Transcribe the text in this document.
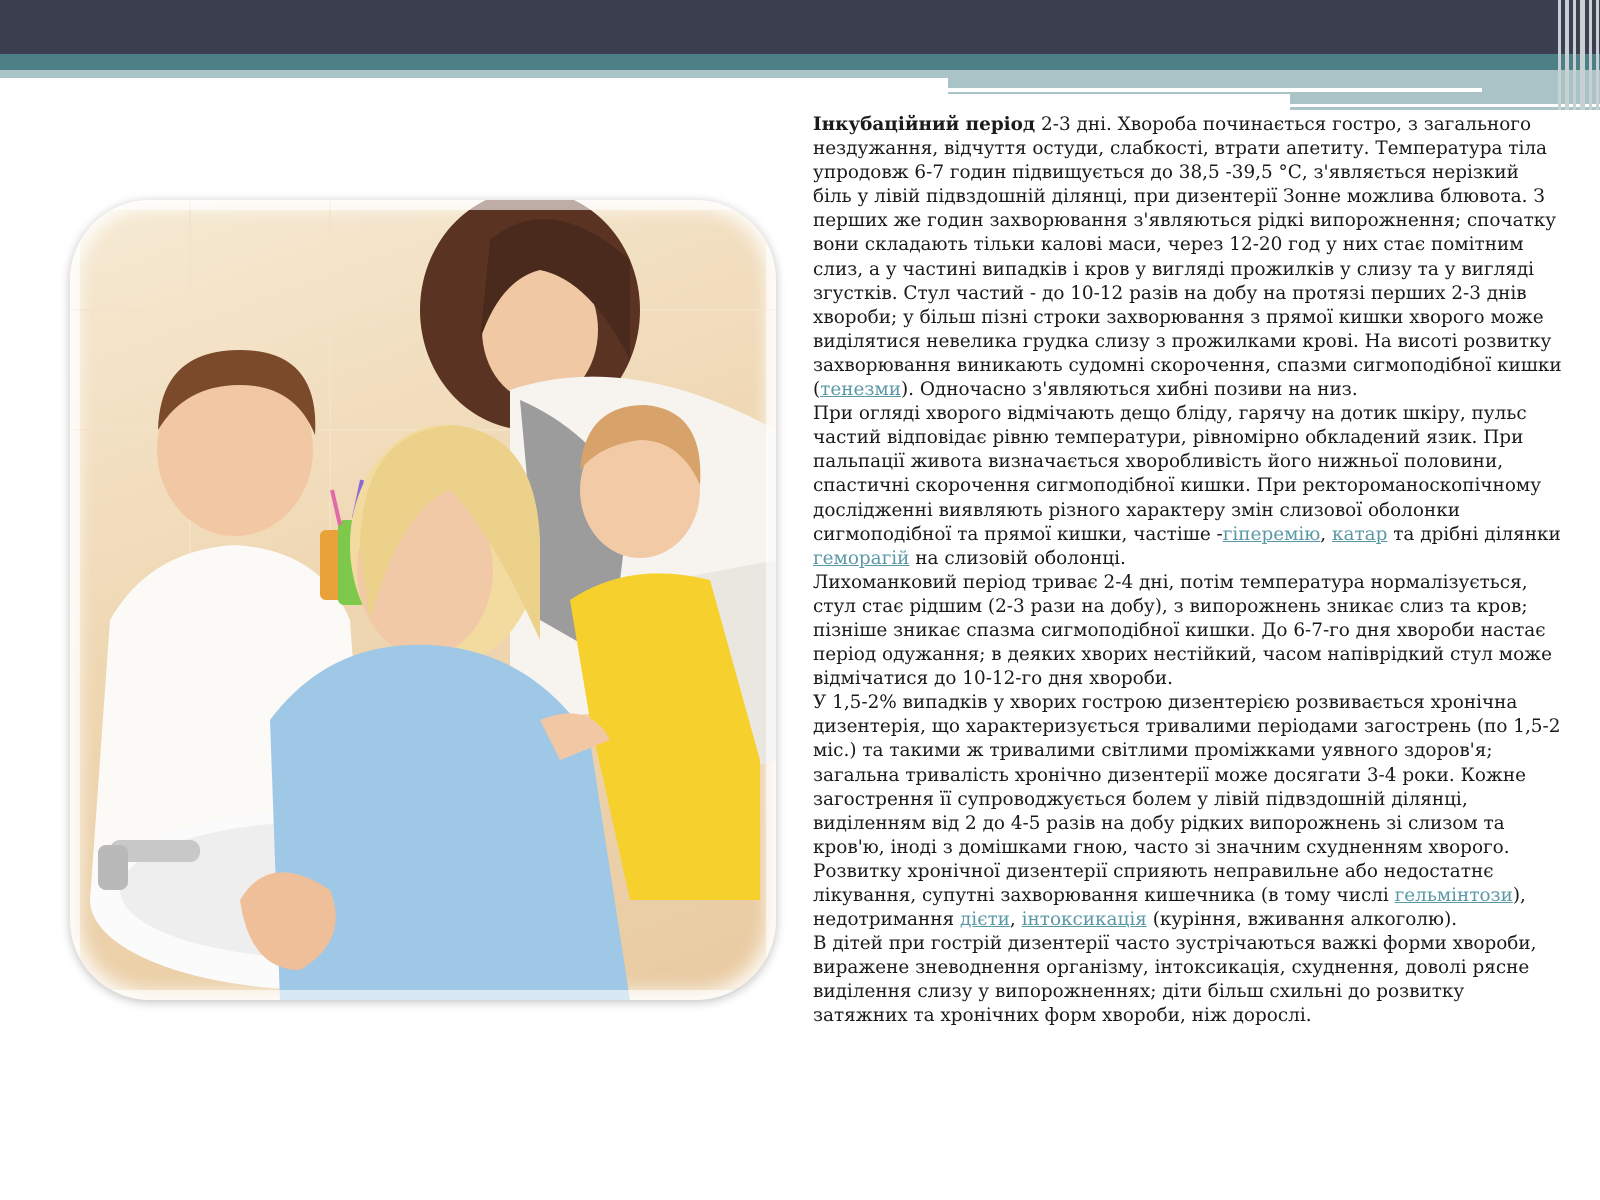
Інкубаційний період 2-3 дні. Хвороба починається гостро, з загального нездужання, відчуття остуди, слабкості, втрати апетиту. Температура тіла упродовж 6-7 годин підвищується до 38,5 -39,5 °С, з'являється нерізкий біль у лівій підвздошній ділянці, при дизентерії Зонне можлива блювота. З перших же годин захворювання з'являються рідкі випорожнення; спочатку вони складають тільки калові маси, через 12-20 год у них стає помітним слиз, а у частині випадків і кров у вигляді прожилків у слизу та у вигляді згустків. Стул частий - до 10-12 разів на добу на протязі перших 2-3 днів хвороби; у більш пізні строки захворювання з прямої кишки хворого може виділятися невелика грудка слизу з прожилками крові. На висоті розвитку захворювання виникають судомні скорочення, спазми сигмоподібної кишки (тенезми). Одночасно з'являються хибні позиви на низ.

При огляді хворого відмічають дещо бліду, гарячу на дотик шкіру, пульс частий відповідає рівню температури, рівномірно обкладений язик. При пальпації живота визначається хворобливість його нижньої половини, спастичні скорочення сигмоподібної кишки. При ректороманоскопічному дослідженні виявляють різного характеру змін слизової оболонки сигмоподібної та прямої кишки, частіше -гіперемію, катар та дрібні ділянки геморагій на слизовій оболонці.

Лихоманковий період триває 2-4 дні, потім температура нормалізується, стул стає рідшим (2-3 рази на добу), з випорожнень зникає слиз та кров; пізніше зникає спазма сигмоподібної кишки. До 6-7-го дня хвороби настає період одужання; в деяких хворих нестійкий, часом напіврідкий стул може відмічатися до 10-12-го дня хвороби.

У 1,5-2% випадків у хворих гострою дизентерією розвивається хронічна дизентерія, що характеризується тривалими періодами загострень (по 1,5-2 міс.) та такими ж тривалими світлими проміжками уявного здоров'я; загальна тривалість хронічно дизентерії може досягати 3-4 роки. Кожне загострення її супроводжується болем у лівій підвздошній ділянці, виділенням від 2 до 4-5 разів на добу рідких випорожнень зі слизом та кров'ю, іноді з домішками гною, часто зі значним схудненням хворого.

Розвитку хронічної дизентерії сприяють неправильне або недостатнє лікування, супутні захворювання кишечника (в тому числі гельмінтози), недотримання дієти, інтоксикація (куріння, вживання алкоголю).

В дітей при гострій дизентерії часто зустрічаються важкі форми хвороби, виражене зневоднення організму, інтоксикація, схуднення, доволі рясне виділення слизу у випорожненнях; діти більш схильні до розвитку затяжних та хронічних форм хвороби, ніж дорослі.
